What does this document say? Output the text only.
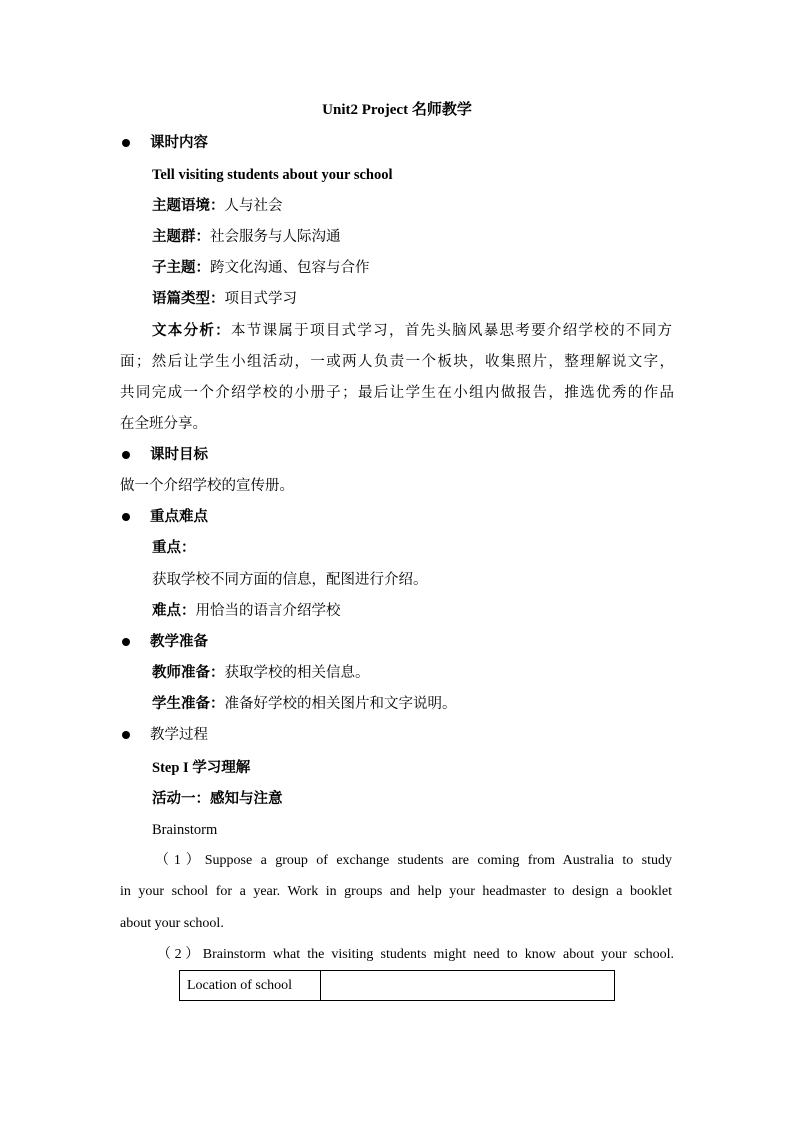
Unit2 Project 名师教学
课时内容
Tell visiting students about your school
主题语境：人与社会
主题群：社会服务与人际沟通
子主题：跨文化沟通、包容与合作
语篇类型：项目式学习
文本分析：本节课属于项目式学习，首先头脑风暴思考要介绍学校的不同方
面；然后让学生小组活动，一或两人负责一个板块，收集照片，整理解说文字，
共同完成一个介绍学校的小册子；最后让学生在小组内做报告，推选优秀的作品
在全班分享。
课时目标
做一个介绍学校的宣传册。
重点难点
重点：
获取学校不同方面的信息，配图进行介绍。
难点：用恰当的语言介绍学校
教学准备
教师准备：获取学校的相关信息。
学生准备：准备好学校的相关图片和文字说明。
教学过程
Step I 学习理解
活动一：感知与注意
Brainstorm
（1）Suppose a group of exchange students are coming from Australia to study
in your school for a year. Work in groups and help your headmaster to design a booklet
about your school.
（2）Brainstorm what the visiting students might need to know about your school.
Location of school	
